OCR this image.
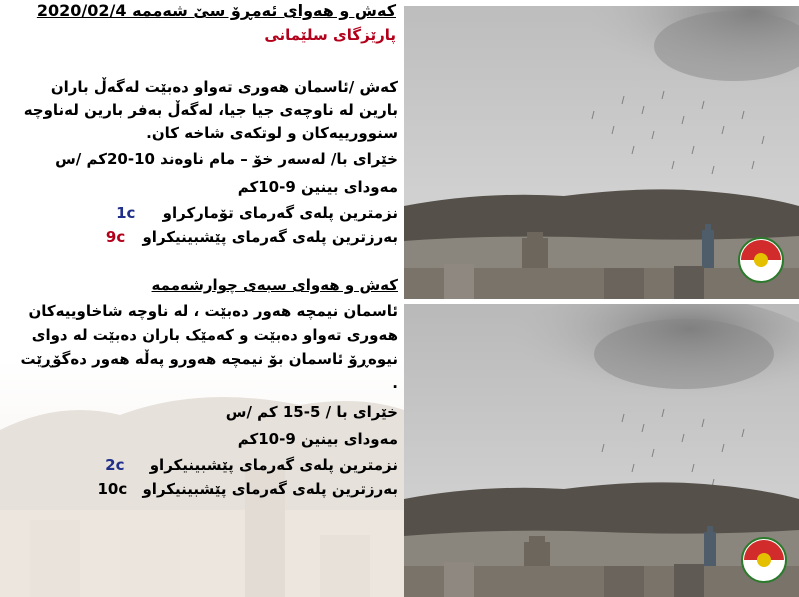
کەش و هەوای ئەمڕۆ سێ شەممە 2020/02/4
پارێزگای سلێمانی
کەش /ئاسمان هەوری تەواو دەبێت لەگەڵ باران
بارین لە ناوچەی جیا جیا، لەگەڵ بەفر بارین لەناوچە
سنوورییەکان و لوتکەی شاخە کان.
خێرای با/ لەسەر خۆ – مام ناوەند 10-20کم /س
مەودای بینین 9-10کم
نزمترین پلەی گەرمای تۆمارکراو 1c
بەرزترین پلەی گەرمای پێشبینیکراو 9c
کەش و هەوای سبەی چوارشەممە
ئاسمان نیمچە هەور دەبێت ، لە ناوچە شاخاوییەکان
هەوری تەواو دەبێت و کەمێک باران دەبێت لە دوای
نیوەڕۆ ئاسمان بۆ نیمچە هەورو پەڵە هەور دەگۆڕێت
.
خێرای با / 5-15 کم /س
مەودای بینین 9-10کم
نزمترین پلەی گەرمای پێشبینیکراو 2c
بەرزترین پلەی گەرمای پێشبینیکراو 10c
